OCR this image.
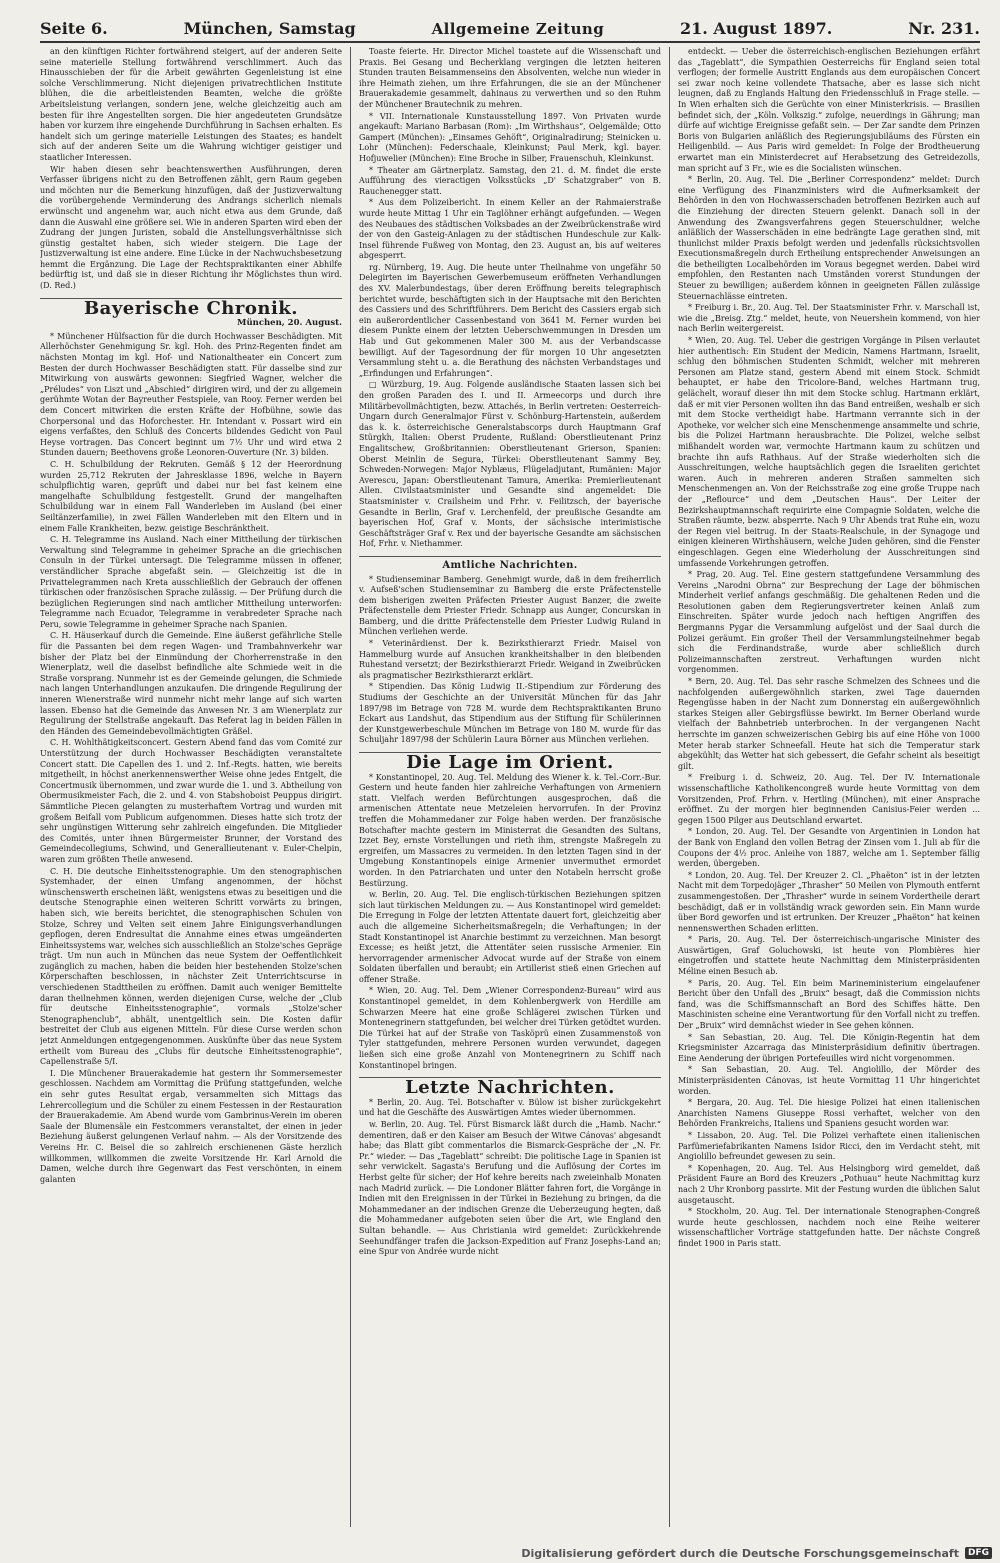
Seite 6.	München, Samstag	Allgemeine Zeitung	21. August 1897.	Nr. 231.

an den künftigen Richter fortwährend steigert, auf der anderen Seite seine materielle Stellung fortwährend verschlimmert. Auch das Hinausschieben der für die Arbeit gewährten Gegenleistung ist eine solche Verschlimmerung. Nicht diejenigen privatrechtlichen Institute blühen, die die arbeitleistenden Beamten, welche die größte Arbeitsleistung verlangen, sondern jene, welche gleichzeitig auch am besten für ihre Angestellten sorgen. Die hier angedeuteten Grundsätze haben vor kurzem ihre eingehende Durchführung in Sachsen erhalten. Es handelt sich um geringe materielle Leistungen des Staates; es handelt sich auf der anderen Seite um die Wahrung wichtiger geistiger und staatlicher Interessen.

Wir haben diesen sehr beachtenswerthen Ausführungen, deren Verfasser übrigens nicht zu den Betroffenen zählt, gern Raum gegeben und möchten nur die Bemerkung hinzufügen, daß der Justizverwaltung die vorübergehende Verminderung des Andrangs sicherlich niemals erwünscht und angenehm war, auch nicht etwa aus dem Grunde, daß dann die Auswahl eine größere sei. Wie in anderen Sparten wird eben der Zudrang der jungen Juristen, sobald die Anstellungsverhältnisse sich günstig gestaltet haben, sich wieder steigern. Die Lage der Justizverwaltung ist eine andere. Eine Lücke in der Nachwuchsbesetzung hemmt die Ergänzung. Die Lage der Rechtspraktikanten einer Abhilfe bedürftig ist, und daß sie in dieser Richtung ihr Möglichstes thun wird. (D. Red.)

Bayerische Chronik.
München, 20. August.

* Münchener Hülfsaction für die durch Hochwasser Beschädigten. Mit Allerhöchster Genehmigung Sr. kgl. Hoh. des Prinz-Regenten findet am nächsten Montag im kgl. Hof- und Nationaltheater ein Concert zum Besten der durch Hochwasser Beschädigten statt. Für dasselbe sind zur Mitwirkung von auswärts gewonnen: Siegfried Wagner, welcher die „Préludes“ von Liszt und „Abschied“ dirigiren wird, und der zu allgemein gerühmte Wotan der Bayreuther Festspiele, van Rooy. Ferner werden bei dem Concert mitwirken die ersten Kräfte der Hofbühne, sowie das Chorpersonal und das Hoforchester. Hr. Intendant v. Possart wird ein eigens verfaßtes, den Schluß des Concerts bildendes Gedicht von Paul Heyse vortragen. Das Concert beginnt um 7½ Uhr und wird etwa 2 Stunden dauern; Beethovens große Leonoren-Ouverture (Nr. 3) bilden.

C. H. Schulbildung der Rekruten. Gemäß § 12 der Heerordnung wurden 25,712 Rekruten der Jahresklasse 1896, welche in Bayern schulpflichtig waren, geprüft und dabei nur bei fast keinem eine mangelhafte Schulbildung festgestellt. Grund der mangelhaften Schulbildung war in einem Fall Wanderleben im Ausland (bei einer Seiltänzerfamilie), in zwei Fällen Wanderleben mit den Eltern und in einem Falle Krankheiten, bezw. geistige Beschränktheit.

C. H. Telegramme ins Ausland. Nach einer Mittheilung der türkischen Verwaltung sind Telegramme in geheimer Sprache an die griechischen Consuln in der Türkei untersagt. Die Telegramme müssen in offener, verständlicher Sprache abgefaßt sein. — Gleichzeitig ist die in Privattelegrammen nach Kreta ausschließlich der Gebrauch der offenen türkischen oder französischen Sprache zulässig. — Der Prüfung durch die bezüglichen Regierungen sind nach amtlicher Mittheilung unterworfen: Telegramme nach Ecuador, Telegramme in verabredeter Sprache nach Peru, sowie Telegramme in geheimer Sprache nach Spanien.

C. H. Häuserkauf durch die Gemeinde. Eine äußerst gefährliche Stelle für die Passanten bei dem regen Wagen- und Trambahnverkehr war bisher der Platz bei der Einmündung der Chorherrenstraße in den Wienerplatz, weil die daselbst befindliche alte Schmiede weit in die Straße vorsprang. Nunmehr ist es der Gemeinde gelungen, die Schmiede nach langen Unterhandlungen anzukaufen. Die dringende Regulirung der inneren Wienerstraße wird nunmehr nicht mehr lange auf sich warten lassen. Ebenso hat die Gemeinde das Anwesen Nr. 3 am Wienerplatz zur Regulirung der Stellstraße angekauft. Das Referat lag in beiden Fällen in den Händen des Gemeindebevollmächtigten Gräßel.

C. H. Wohlthätigkeitsconcert. Gestern Abend fand das vom Comité zur Unterstützung der durch Hochwasser Beschädigten veranstaltete Concert statt. Die Capellen des 1. und 2. Inf.-Regts. hatten, wie bereits mitgetheilt, in höchst anerkennenswerther Weise ohne jedes Entgelt, die Concertmusik übernommen, und zwar wurde die 1. und 3. Abtheilung von Obermusikmeister Fach, die 2. und 4. von Stabshoboist Peuppus dirigirt. Sämmtliche Piecen gelangten zu musterhaftem Vortrag und wurden mit großem Beifall vom Publicum aufgenommen. Dieses hatte sich trotz der sehr ungünstigen Witterung sehr zahlreich eingefunden. Die Mitglieder des Comités, unter ihnen Bürgermeister Brunner, der Vorstand des Gemeindecollegiums, Schwind, und Generallieutenant v. Euler-Chelpin, waren zum größten Theile anwesend.

C. H. Die deutsche Einheitsstenographie. Um den stenographischen Systemhader, der einen Umfang angenommen, der höchst wünschenswerth erscheinen läßt, wenigstens etwas zu beseitigen und die deutsche Stenographie einen weiteren Schritt vorwärts zu bringen, haben sich, wie bereits berichtet, die stenographischen Schulen von Stolze, Schrey und Velten seit einem Jahre Einigungsverhandlungen gepflogen, deren Endresultat die Annahme eines etwas umgeänderten Einheitssystems war, welches sich ausschließlich an Stolze'sches Gepräge trägt. Um nun auch in München das neue System der Oeffentlichkeit zugänglich zu machen, haben die beiden hier bestehenden Stolze'schen Körperschaften beschlossen, in nächster Zeit Unterrichtscurse in verschiedenen Stadttheilen zu eröffnen. Damit auch weniger Bemittelte daran theilnehmen können, werden diejenigen Curse, welche der „Club für deutsche Einheitsstenographie“, vormals „Stolze'scher Stenographenclub“, abhält, unentgeltlich sein. Die Kosten dafür bestreitet der Club aus eigenen Mitteln. Für diese Curse werden schon jetzt Anmeldungen entgegengenommen. Auskünfte über das neue System ertheilt vom Bureau des „Clubs für deutsche Einheitsstenographie“, Capellenstraße 5/I.

I. Die Münchener Brauerakademie hat gestern ihr Sommersemester geschlossen. Nachdem am Vormittag die Prüfung stattgefunden, welche ein sehr gutes Resultat ergab, versammelten sich Mittags das Lehrercollegium und die Schüler zu einem Festessen in der Restauration der Brauerakademie. Am Abend wurde vom Gambrinus-Verein im oberen Saale der Blumensäle ein Festcommers veranstaltet, der einen in jeder Beziehung äußerst gelungenen Verlauf nahm. — Als der Vorsitzende des Vereins Hr. C. Beisel die so zahlreich erschienenen Gäste herzlich willkommen, willkommen die zweite Vorsitzende Hr. Karl Arnold die Damen, welche durch ihre Gegenwart das Fest verschönten, in einem galanten

Toaste feierte. Hr. Director Michel toastete auf die Wissenschaft und Praxis. Bei Gesang und Becherklang vergingen die letzten heiteren Stunden trauten Beisammenseins den Absolventen, welche nun wieder in ihre Heimath ziehen, um ihre Erfahrungen, die sie an der Münchener Brauerakademie gesammelt, dahinaus zu verwerthen und so den Ruhm der Münchener Brautechnik zu mehren.

* VII. Internationale Kunstausstellung 1897. Von Privaten wurde angekauft: Mariano Barbasan (Rom): „Im Wirthshaus“, Oelgemälde; Otto Gampert (München): „Einsames Gehöft“, Originalradirung; Steinicken u. Lohr (München): Federschaale, Kleinkunst; Paul Merk, kgl. bayer. Hofjuwelier (München): Eine Broche in Silber, Frauenschuh, Kleinkunst.

* Theater am Gärtnerplatz. Samstag, den 21. d. M. findet die erste Aufführung des vieractigen Volksstücks „D' Schatzgraber“ von B. Rauchenegger statt.

* Aus dem Polizeibericht. In einem Keller an der Rahmaierstraße wurde heute Mittag 1 Uhr ein Taglöhner erhängt aufgefunden. — Wegen des Neubaues des städtischen Volksbades an der Zweibrückenstraße wird der von den Gasteig-Anlagen zu der städtischen Hundeschule zur Kalk-Insel führende Fußweg von Montag, den 23. August an, bis auf weiteres abgesperrt.

rg. Nürnberg, 19. Aug. Die heute unter Theilnahme von ungefähr 50 Delegirten im Bayerischen Gewerbemuseum eröffneten Verhandlungen des XV. Malerbundestags, über deren Eröffnung bereits telegraphisch berichtet wurde, beschäftigten sich in der Hauptsache mit den Berichten des Cassiers und des Schriftführers. Dem Bericht des Cassiers ergab sich ein außerordentlicher Cassenbestand von 3641 M. Ferner wurden bei diesem Punkte einem der letzten Ueberschwemmungen in Dresden um Hab und Gut gekommenen Maler 300 M. aus der Verbandscasse bewilligt. Auf der Tagesordnung der für morgen 10 Uhr angesetzten Versammlung steht u. a. die Berathung des nächsten Verbandstages und „Erfindungen und Erfahrungen“.

□ Würzburg, 19. Aug. Folgende ausländische Staaten lassen sich bei den großen Paraden des I. und II. Armeecorps und durch ihre Militärbevollmächtigten, bezw. Attachés, in Berlin vertreten: Oesterreich-Ungarn durch Generalmajor Fürst v. Schönburg-Hartenstein, außerdem das k. k. österreichische Generalstabscorps durch Hauptmann Graf Stürgkh, Italien: Oberst Prudente, Rußland: Oberstlieutenant Prinz Engalitschew, Großbritannien: Oberstlieutenant Grierson, Spanien: Oberst Meinlin de Segura, Türkei: Oberstlieutenant Sammy Bey, Schweden-Norwegen: Major Nyblæus, Flügeladjutant, Rumänien: Major Averescu, Japan: Oberstlieutenant Tamura, Amerika: Premierlieutenant Allen. Civilstaatsminister und Gesandte sind angemeldet: Die Staatsminister v. Crailsheim und Frhr. v. Feilitzsch, der bayerische Gesandte in Berlin, Graf v. Lerchenfeld, der preußische Gesandte am bayerischen Hof, Graf v. Monts, der sächsische interimistische Geschäftsträger Graf v. Rex und der bayerische Gesandte am sächsischen Hof, Frhr. v. Niethammer.

Amtliche Nachrichten.

* Studienseminar Bamberg. Genehmigt wurde, daß in dem freiherrlich v. Aufseß'schen Studienseminar zu Bamberg die erste Präfectenstelle dem bisherigen zweiten Präfecten Priester August Banzer, die zweite Präfectenstelle dem Priester Friedr. Schnapp aus Aunger, Concurskan in Bamberg, und die dritte Präfectenstelle dem Priester Ludwig Ruland in München verliehen werde.

* Veterinärdienst. Der k. Bezirksthierarzt Friedr. Maisel von Hammelburg wurde auf Ansuchen krankheitshalber in den bleibenden Ruhestand versetzt; der Bezirksthierarzt Friedr. Weigand in Zweibrücken als pragmatischer Bezirksthierarzt erklärt.

* Stipendien. Das König Ludwig II.-Stipendium zur Förderung des Studiums der Geschichte an der Universität München für das Jahr 1897/98 im Betrage von 728 M. wurde dem Rechtspraktikanten Bruno Eckart aus Landshut, das Stipendium aus der Stiftung für Schülerinnen der Kunstgewerbeschule München im Betrage von 180 M. wurde für das Schuljahr 1897/98 der Schülerin Laura Börner aus München verliehen.

Die Lage im Orient.

* Konstantinopel, 20. Aug. Tel. Meldung des Wiener k. k. Tel.-Corr.-Bur. Gestern und heute fanden hier zahlreiche Verhaftungen von Armeniern statt. Vielfach werden Befürchtungen ausgesprochen, daß die armenischen Attentate neue Metzeleien hervorrufen. In der Provinz treffen die Mohammedaner zur Folge haben werden. Der französische Botschafter machte gestern im Ministerrat die Gesandten des Sultans, Izzet Bey, ernste Vorstellungen und rieth ihm, strengste Maßregeln zu ergreifen, um Massacres zu vermeiden. In den letzten Tagen sind in der Umgebung Konstantinopels einige Armenier unvermuthet ermordet worden. In den Patriarchaten und unter den Notabeln herrscht große Bestürzung.

w. Berlin, 20. Aug. Tel. Die englisch-türkischen Beziehungen spitzen sich laut türkischen Meldungen zu. — Aus Konstantinopel wird gemeldet: Die Erregung in Folge der letzten Attentate dauert fort, gleichzeitig aber auch die allgemeine Sicherheitsmaßregeln; die Verhaftungen; in der Stadt Konstantinopel ist Anarchie bestimmt zu verzeichnen. Man besorgt Excesse; es heißt jetzt, die Attentäter seien russische Armenier. Ein hervorragender armenischer Advocat wurde auf der Straße von einem Soldaten überfallen und beraubt; ein Artillerist stieß einen Griechen auf offener Straße.

* Wien, 20. Aug. Tel. Dem „Wiener Correspondenz-Bureau“ wird aus Konstantinopel gemeldet, in dem Kohlenbergwerk von Herdille am Schwarzen Meere hat eine große Schlägerei zwischen Türken und Montenegrinern stattgefunden, bei welcher drei Türken getödtet wurden. Die Türkei hat auf der Straße von Tasköprü einen Zusammenstoß von Tyler stattgefunden, mehrere Personen wurden verwundet, dagegen ließen sich eine große Anzahl von Montenegrinern zu Schiff nach Konstantinopel bringen.

Letzte Nachrichten.

* Berlin, 20. Aug. Tel. Botschafter v. Bülow ist bisher zurückgekehrt und hat die Geschäfte des Auswärtigen Amtes wieder übernommen.

w. Berlin, 20. Aug. Tel. Fürst Bismarck läßt durch die „Hamb. Nachr.“ dementiren, daß er den Kaiser am Besuch der Witwe Cánovas' abgesandt habe; das Blatt gibt commentarlos die Bismarck-Gespräche der „N. Fr. Pr.“ wieder. — Das „Tageblatt“ schreibt: Die politische Lage in Spanien ist sehr verwickelt. Sagasta's Berufung und die Auflösung der Cortes im Herbst gelte für sicher; der Hof kehre bereits nach zweieinhalb Monaten nach Madrid zurück. — Die Londoner Blätter fahren fort, die Vorgänge in Indien mit den Ereignissen in der Türkei in Beziehung zu bringen, da die Mohammedaner an der indischen Grenze die Ueberzeugung hegten, daß die Mohammedaner aufgeboten seien über die Art, wie England den Sultan behandle. — Aus Christiania wird gemeldet: Zurückkehrende Seehundfänger trafen die Jackson-Expedition auf Franz Josephs-Land an; eine Spur von Andrée wurde nicht

entdeckt. — Ueber die österreichisch-englischen Beziehungen erfährt das „Tageblatt“, die Sympathien Oesterreichs für England seien total verflogen; der formelle Austritt Englands aus dem europäischen Concert sei zwar noch keine vollendete Thatsache, aber es lasse sich nicht leugnen, daß zu Englands Haltung den Friedensschluß in Frage stelle. — In Wien erhalten sich die Gerüchte von einer Ministerkrisis. — Brasilien befindet sich, der „Köln. Volkszig.“ zufolge, neuerdings in Gährung; man dürfe auf wichtige Ereignisse gefaßt sein. — Der Zar sandte dem Prinzen Boris von Bulgarien anläßlich des Regierungsjubiläums des Fürsten ein Heiligenbild. — Aus Paris wird gemeldet: In Folge der Brodtheuerung erwartet man ein Ministerdecret auf Herabsetzung des Getreidezolls, man spricht auf 3 Fr., wie es die Socialisten wünschen.

* Berlin, 20. Aug. Tel. Die „Berliner Correspondenz“ meldet: Durch eine Verfügung des Finanzministers wird die Aufmerksamkeit der Behörden in den von Hochwasserschaden betroffenen Bezirken auch auf die Einziehung der directen Steuern gelenkt. Danach soll in der Anwendung des Zwangsverfahrens gegen Steuerschuldner, welche anläßlich der Wasserschäden in eine bedrängte Lage gerathen sind, mit thunlichst milder Praxis befolgt werden und jedenfalls rücksichtsvollen Executionsmaßregeln durch Ertheilung entsprechender Anweisungen an die betheiligten Localbehörden im Voraus begegnet werden. Dabei wird empfohlen, den Restanten nach Umständen vorerst Stundungen der Steuer zu bewilligen; außerdem können in geeigneten Fällen zulässige Steuernachlässe eintreten.

* Freiburg i. Br., 20. Aug. Tel. Der Staatsminister Frhr. v. Marschall ist, wie die „Breisg. Ztg.“ meldet, heute, von Neuershein kommend, von hier nach Berlin weitergereist.

* Wien, 20. Aug. Tel. Ueber die gestrigen Vorgänge in Pilsen verlautet hier authentisch: Ein Student der Medicin, Namens Hartmann, Israelit, schlug den böhmischen Studenten Schmidt, welcher mit mehreren Personen am Platze stand, gestern Abend mit einem Stock. Schmidt behauptet, er habe den Tricolore-Band, welches Hartmann trug, gelächelt, worauf dieser ihn mit dem Stocke schlug. Hartmann erklärt, daß er mit vier Personen wollten ihn das Band entreißen, weshalb er sich mit dem Stocke vertheidigt habe. Hartmann verrannte sich in der Apotheke, vor welcher sich eine Menschenmenge ansammelte und schrie, bis die Polizei Hartmann herausbrachte. Die Polizei, welche selbst mißhandelt worden war, vermochte Hartmann kaum zu schützen und brachte ihn aufs Rathhaus. Auf der Straße wiederholten sich die Ausschreitungen, welche hauptsächlich gegen die Israeliten gerichtet waren. Auch in mehreren anderen Straßen sammelten sich Menschenmengen an. Von der Reichsstraße zog eine große Truppe nach der „Reflource“ und dem „Deutschen Haus“. Der Leiter der Bezirkshauptmannschaft requirirte eine Compagnie Soldaten, welche die Straßen räumte, bezw. absperrte. Nach 9 Uhr Abends trat Ruhe ein, wozu der Regen viel beitrug. In der Staats-Realschule, in der Synagoge und einigen kleineren Wirthshäusern, welche Juden gehören, sind die Fenster eingeschlagen. Gegen eine Wiederholung der Ausschreitungen sind umfassende Vorkehrungen getroffen.

* Prag, 20. Aug. Tel. Eine gestern stattgefundene Versammlung des Vereins „Narodni Obrna“ zur Besprechung der Lage der böhmischen Minderheit verlief anfangs geschmäßig. Die gehaltenen Reden und die Resolutionen gaben dem Regierungsvertreter keinen Anlaß zum Einschreiten. Später wurde jedoch nach heftigen Angriffen des Bergmanns Pygar die Versammlung aufgelöst und der Saal durch die Polizei geräumt. Ein großer Theil der Versammlungsteilnehmer begab sich die Ferdinandstraße, wurde aber schließlich durch Polizeimannschaften zerstreut. Verhaftungen wurden nicht vorgenommen.

* Bern, 20. Aug. Tel. Das sehr rasche Schmelzen des Schnees und die nachfolgenden außergewöhnlich starken, zwei Tage dauernden Regengüsse haben in der Nacht zum Donnerstag ein außergewöhnlich starkes Steigen aller Gebirgsflüsse bewirkt. Im Berner Oberland wurde vielfach der Bahnbetrieb unterbrochen. In der vergangenen Nacht herrschte im ganzen schweizerischen Gebirg bis auf eine Höhe von 1000 Meter herab starker Schneefall. Heute hat sich die Temperatur stark abgekühlt; das Wetter hat sich gebessert, die Gefahr scheint als beseitigt gilt.

* Freiburg i. d. Schweiz, 20. Aug. Tel. Der IV. Internationale wissenschaftliche Katholikencongreß wurde heute Vormittag von dem Vorsitzenden, Prof. Frhrn. v. Hertling (München), mit einer Ansprache eröffnet. Zu der morgen hier beginnenden Canisius-Feier werden ... gegen 1500 Pilger aus Deutschland erwartet.

* London, 20. Aug. Tel. Der Gesandte von Argentinien in London hat der Bank von England den vollen Betrag der Zinsen vom 1. Juli ab für die Coupons der 4½ proc. Anleihe von 1887, welche am 1. September fällig werden, übergeben.

* London, 20. Aug. Tel. Der Kreuzer 2. Cl. „Phaëton“ ist in der letzten Nacht mit dem Torpedojäger „Thrasher“ 50 Meilen von Plymouth entfernt zusammengestoßen. Der „Thrasher“ wurde in seinem Vordertheile derart beschädigt, daß er in vollständig wrack geworden sein. Ein Mann wurde über Bord geworfen und ist ertrunken. Der Kreuzer „Phaëton“ hat keinen nennenswerthen Schaden erlitten.

* Paris, 20. Aug. Tel. Der österreichisch-ungarische Minister des Auswärtigen, Graf Goluchowski, ist heute von Plombières hier eingetroffen und stattete heute Nachmittag dem Ministerpräsidenten Méline einen Besuch ab.

* Paris, 20. Aug. Tel. Ein beim Marineministerium eingelaufener Bericht über den Unfall des „Bruix“ besagt, daß die Commission nichts fand, was die Schiffsmannschaft an Bord des Schiffes hätte. Den Maschinisten scheine eine Verantwortung für den Vorfall nicht zu treffen. Der „Bruix“ wird demnächst wieder in See gehen können.

* San Sebastian, 20. Aug. Tel. Die Königin-Regentin hat dem Kriegsminister Azcarraga das Ministerpräsidium definitiv übertragen. Eine Aenderung der übrigen Portefeuilles wird nicht vorgenommen.

* San Sebastian, 20. Aug. Tel. Angiolillo, der Mörder des Ministerpräsidenten Cánovas, ist heute Vormittag 11 Uhr hingerichtet worden.

* Bergara, 20. Aug. Tel. Die hiesige Polizei hat einen italienischen Anarchisten Namens Giuseppe Rossi verhaftet, welcher von den Behörden Frankreichs, Italiens und Spaniens gesucht worden war.

* Lissabon, 20. Aug. Tel. Die Polizei verhaftete einen italienischen Parfümeriefabrikanten Namens Isidor Ricci, den im Verdacht steht, mit Angiolillo befreundet gewesen zu sein.

* Kopenhagen, 20. Aug. Tel. Aus Helsingborg wird gemeldet, daß Präsident Faure an Bord des Kreuzers „Pothuau“ heute Nachmittag kurz nach 2 Uhr Kronborg passirte. Mit der Festung wurden die üblichen Salut ausgetauscht.

* Stockholm, 20. Aug. Tel. Der internationale Stenographen-Congreß wurde heute geschlossen, nachdem noch eine Reihe weiterer wissenschaftlicher Vorträge stattgefunden hatte. Der nächste Congreß findet 1900 in Paris statt.

Digitalisierung gefördert durch die Deutsche Forschungsgemeinschaft	DFG
